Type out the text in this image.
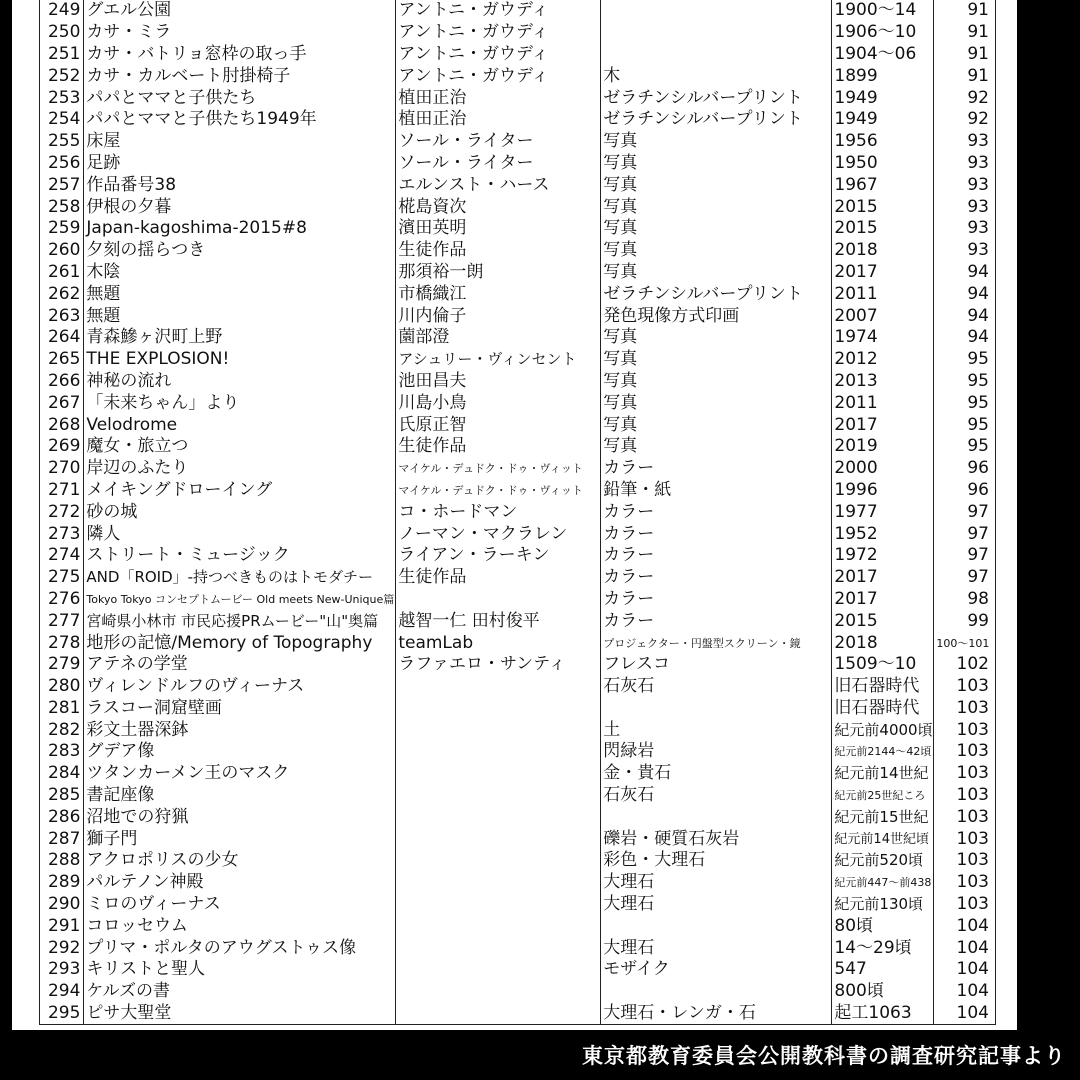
249	グエル公園	アントニ・ガウディ		1900〜14	91
250	カサ・ミラ	アントニ・ガウディ		1906〜10	91
251	カサ・バトリョ窓枠の取っ手	アントニ・ガウディ		1904〜06	91
252	カサ・カルベート肘掛椅子	アントニ・ガウディ	木	1899	91
253	パパとママと子供たち	植田正治	ゼラチンシルバープリント	1949	92
254	パパとママと子供たち1949年	植田正治	ゼラチンシルバープリント	1949	92
255	床屋	ソール・ライター	写真	1956	93
256	足跡	ソール・ライター	写真	1950	93
257	作品番号38	エルンスト・ハース	写真	1967	93
258	伊根の夕暮	椛島資次	写真	2015	93
259	Japan-kagoshima-2015#8	濱田英明	写真	2015	93
260	夕刻の揺らつき	生徒作品	写真	2018	93
261	木陰	那須裕一朗	写真	2017	94
262	無題	市橋織江	ゼラチンシルバープリント	2011	94
263	無題	川内倫子	発色現像方式印画	2007	94
264	青森鰺ヶ沢町上野	薗部澄	写真	1974	94
265	THE EXPLOSION!	アシュリー・ヴィンセント	写真	2012	95
266	神秘の流れ	池田昌夫	写真	2013	95
267	「未来ちゃん」より	川島小鳥	写真	2011	95
268	Velodrome	氏原正智	写真	2017	95
269	魔女・旅立つ	生徒作品	写真	2019	95
270	岸辺のふたり	マイケル・デュドク・ドゥ・ヴィット	カラー	2000	96
271	メイキングドローイング	マイケル・デュドク・ドゥ・ヴィット	鉛筆・紙	1996	96
272	砂の城	コ・ホードマン	カラー	1977	97
273	隣人	ノーマン・マクラレン	カラー	1952	97
274	ストリート・ミュージック	ライアン・ラーキン	カラー	1972	97
275	AND「ROID」-持つべきものはトモダチー	生徒作品	カラー	2017	97
276	Tokyo Tokyo コンセプトムービー Old meets New-Unique篇		カラー	2017	98
277	宮崎県小林市 市民応援PRムービー"山"奥篇	越智一仁 田村俊平	カラー	2015	99
278	地形の記憶/Memory of Topography	teamLab	プロジェクター・円盤型スクリーン・鏡	2018	100〜101
279	アテネの学堂	ラファエロ・サンティ	フレスコ	1509〜10	102
280	ヴィレンドルフのヴィーナス		石灰石	旧石器時代	103
281	ラスコー洞窟壁画			旧石器時代	103
282	彩文土器深鉢		土	紀元前4000頃	103
283	グデア像		閃緑岩	紀元前2144〜42頃	103
284	ツタンカーメン王のマスク		金・貴石	紀元前14世紀	103
285	書記座像		石灰石	紀元前25世紀ころ	103
286	沼地での狩猟			紀元前15世紀	103
287	獅子門		礫岩・硬質石灰岩	紀元前14世紀頃	103
288	アクロポリスの少女		彩色・大理石	紀元前520頃	103
289	パルテノン神殿		大理石	紀元前447〜前438	103
290	ミロのヴィーナス		大理石	紀元前130頃	103
291	コロッセウム			80頃	104
292	プリマ・ポルタのアウグストゥス像		大理石	14〜29頃	104
293	キリストと聖人		モザイク	547	104
294	ケルズの書			800頃	104
295	ピサ大聖堂		大理石・レンガ・石	起工1063	104
東京都教育委員会公開教科書の調査研究記事より
